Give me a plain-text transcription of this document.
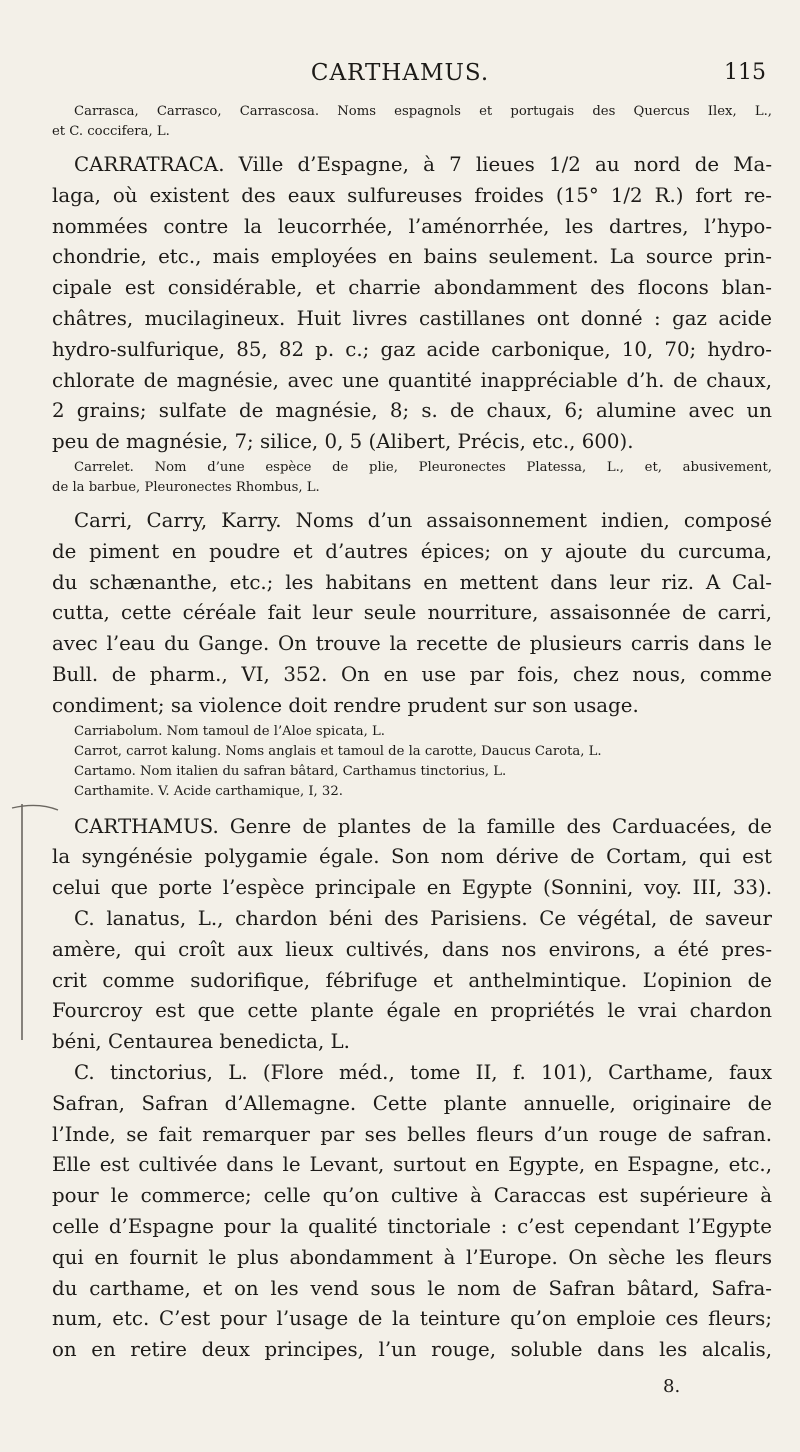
CARTHAMUS.	115
Carrasca, Carrasco, Carrascosa. Noms espagnols et portugais des Quercus Ilex, L.,
et C. coccifera, L.
CARRATRACA. Ville d’Espagne, à 7 lieues 1/2 au nord de Ma-
laga, où existent des eaux sulfureuses froides (15° 1/2 R.) fort re-
nommées contre la leucorrhée, l’aménorrhée, les dartres, l’hypo-
chondrie, etc., mais employées en bains seulement. La source prin-
cipale est considérable, et charrie abondamment des flocons blan-
châtres, mucilagineux. Huit livres castillanes ont donné : gaz acide
hydro-sulfurique, 85, 82 p. c.; gaz acide carbonique, 10, 70; hydro-
chlorate de magnésie, avec une quantité inappréciable d’h. de chaux,
2 grains; sulfate de magnésie, 8; s. de chaux, 6; alumine avec un
peu de magnésie, 7; silice, 0, 5 (Alibert, Précis, etc., 600).
Carrelet. Nom d’une espèce de plie, Pleuronectes Platessa, L., et, abusivement,
de la barbue, Pleuronectes Rhombus, L.
Carri, Carry, Karry. Noms d’un assaisonnement indien, composé
de piment en poudre et d’autres épices; on y ajoute du curcuma,
du schænanthe, etc.; les habitans en mettent dans leur riz. A Cal-
cutta, cette céréale fait leur seule nourriture, assaisonnée de carri,
avec l’eau du Gange. On trouve la recette de plusieurs carris dans le
Bull. de pharm., VI, 352. On en use par fois, chez nous, comme
condiment; sa violence doit rendre prudent sur son usage.
Carriabolum. Nom tamoul de l’Aloe spicata, L.
Carrot, carrot kalung. Noms anglais et tamoul de la carotte, Daucus Carota, L.
Cartamo. Nom italien du safran bâtard, Carthamus tinctorius, L.
Carthamite. V. Acide carthamique, I, 32.
CARTHAMUS. Genre de plantes de la famille des Carduacées, de
la syngénésie polygamie égale. Son nom dérive de Cortam, qui est
celui que porte l’espèce principale en Egypte (Sonnini, voy. III, 33).
C. lanatus, L., chardon béni des Parisiens. Ce végétal, de saveur
amère, qui croît aux lieux cultivés, dans nos environs, a été pres-
crit comme sudorifique, fébrifuge et anthelmintique. L’opinion de
Fourcroy est que cette plante égale en propriétés le vrai chardon
béni, Centaurea benedicta, L.
C. tinctorius, L. (Flore méd., tome II, f. 101), Carthame, faux
Safran, Safran d’Allemagne. Cette plante annuelle, originaire de
l’Inde, se fait remarquer par ses belles fleurs d’un rouge de safran.
Elle est cultivée dans le Levant, surtout en Egypte, en Espagne, etc.,
pour le commerce; celle qu’on cultive à Caraccas est supérieure à
celle d’Espagne pour la qualité tinctoriale : c’est cependant l’Egypte
qui en fournit le plus abondamment à l’Europe. On sèche les fleurs
du carthame, et on les vend sous le nom de Safran bâtard, Safra-
num, etc. C’est pour l’usage de la teinture qu’on emploie ces fleurs;
on en retire deux principes, l’un rouge, soluble dans les alcalis,
8.
